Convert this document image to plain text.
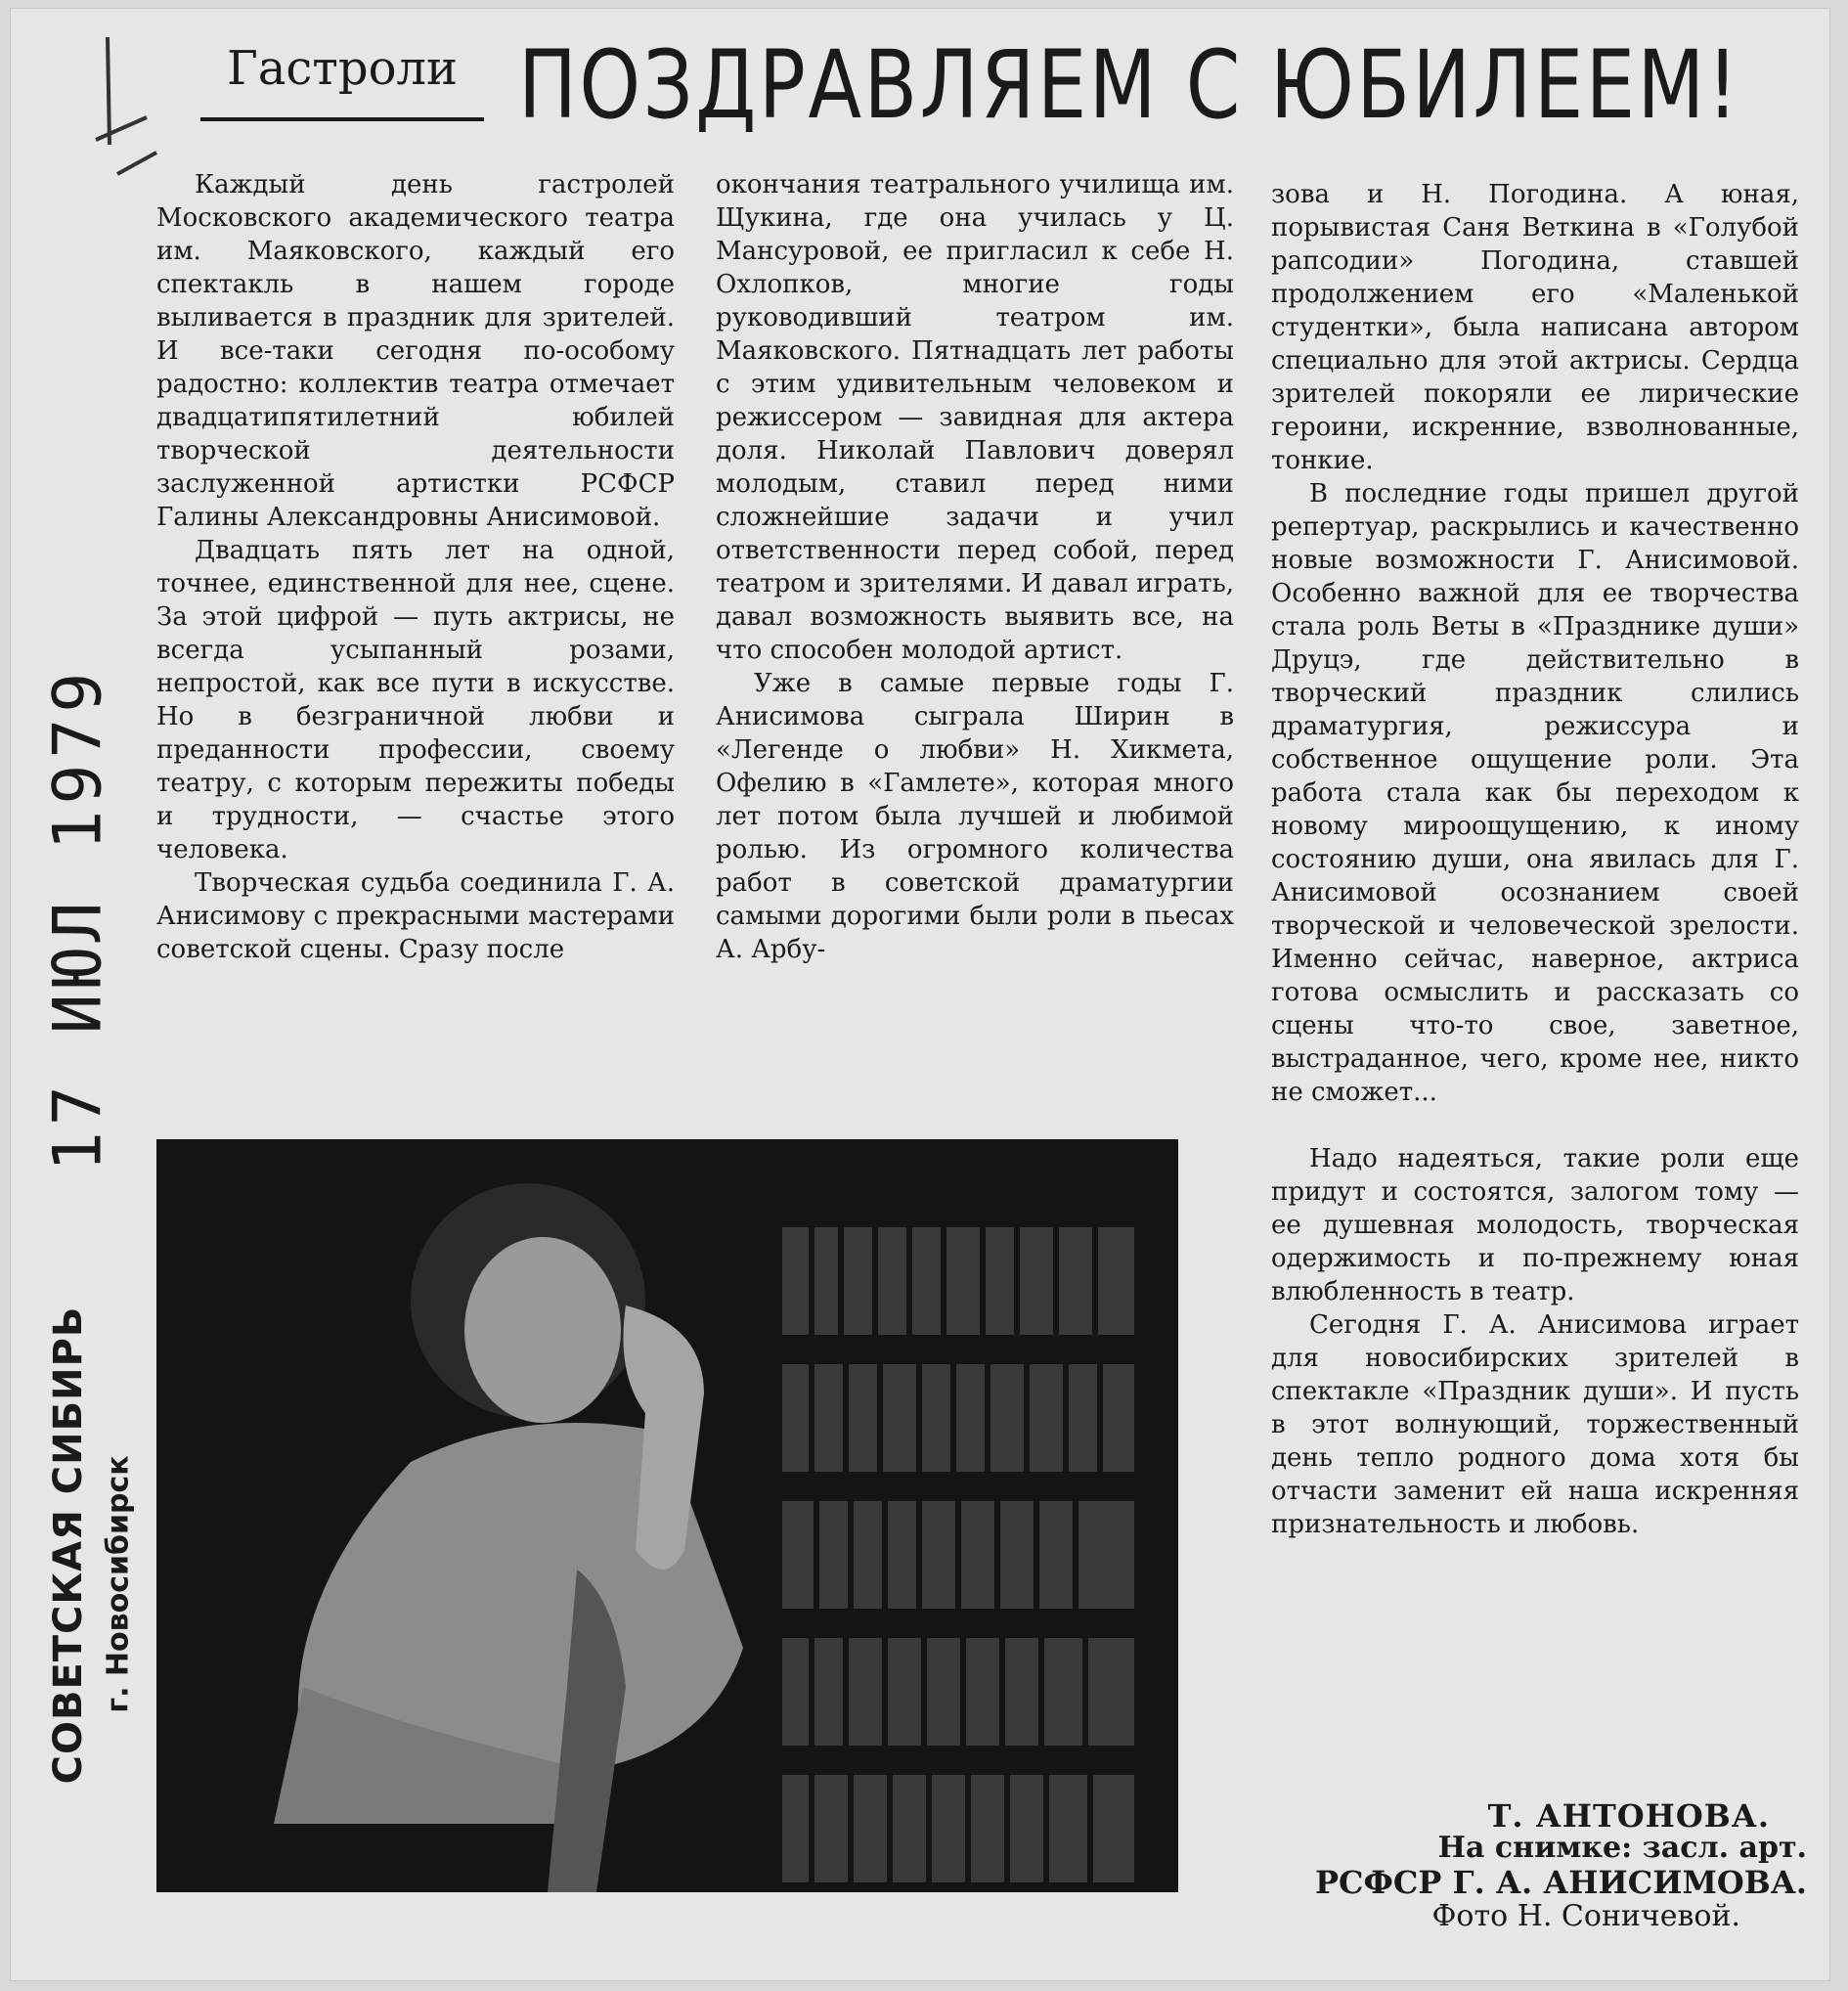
Гастроли ПОЗДРАВЛЯЕМ С ЮБИЛЕЕМ!

Каждый день гастролей Московского академического театра им. Маяковского, каждый его спектакль в нашем городе выливается в праздник для зрителей. И все-таки сегодня по-особому радостно: коллектив театра отмечает двадцатипятилетний юбилей творческой деятельности заслуженной артистки РСФСР Галины Александровны Анисимовой.

Двадцать пять лет на одной, точнее, единственной для нее, сцене. За этой цифрой — путь актрисы, не всегда усыпанный розами, непростой, как все пути в искусстве. Но в безграничной любви и преданности профессии, своему театру, с которым пережиты победы и трудности, — счастье этого человека.

Творческая судьба соединила Г. А. Анисимову с прекрасными мастерами советской сцены. Сразу после

окончания театрального училища им. Щукина, где она училась у Ц. Мансуровой, ее пригласил к себе Н. Охлопков, многие годы руководивший театром им. Маяковского. Пятнадцать лет работы с этим удивительным человеком и режиссером — завидная для актера доля. Николай Павлович доверял молодым, ставил перед ними сложнейшие задачи и учил ответственности перед собой, перед театром и зрителями. И давал играть, давал возможность выявить все, на что способен молодой артист.

Уже в самые первые годы Г. Анисимова сыграла Ширин в «Легенде о любви» Н. Хикмета, Офелию в «Гамлете», которая много лет потом была лучшей и любимой ролью. Из огромного количества работ в советской драматургии самыми дорогими были роли в пьесах А. Арбу-

зова и Н. Погодина. А юная, порывистая Саня Веткина в «Голубой рапсодии» Погодина, ставшей продолжением его «Маленькой студентки», была написана автором специально для этой актрисы. Сердца зрителей покоряли ее лирические героини, искренние, взволнованные, тонкие.

В последние годы пришел другой репертуар, раскрылись и качественно новые возможности Г. Анисимовой. Особенно важной для ее творчества стала роль Веты в «Празднике души» Друцэ, где действительно в творческий праздник слились драматургия, режиссура и собственное ощущение роли. Эта работа стала как бы переходом к новому мироощущению, к иному состоянию души, она явилась для Г. Анисимовой осознанием своей творческой и человеческой зрелости. Именно сейчас, наверное, актриса готова осмыслить и рассказать со сцены что-то свое, заветное, выстраданное, чего, кроме нее, никто не сможет...

Надо надеяться, такие роли еще придут и состоятся, залогом тому — ее душевная молодость, творческая одержимость и по-прежнему юная влюбленность в театр.

Сегодня Г. А. Анисимова играет для новосибирских зрителей в спектакле «Праздник души». И пусть в этот волнующий, торжественный день тепло родного дома хотя бы отчасти заменит ей наша искренняя признательность и любовь.

17 ИЮЛ 1979
СОВЕТСКАЯ СИБИРЬ г. Новосибирск
Т. АНТОНОВА.
На снимке: засл. арт.
РСФСР Г. А. АНИСИМОВА.
Фото Н. Соничевой.
